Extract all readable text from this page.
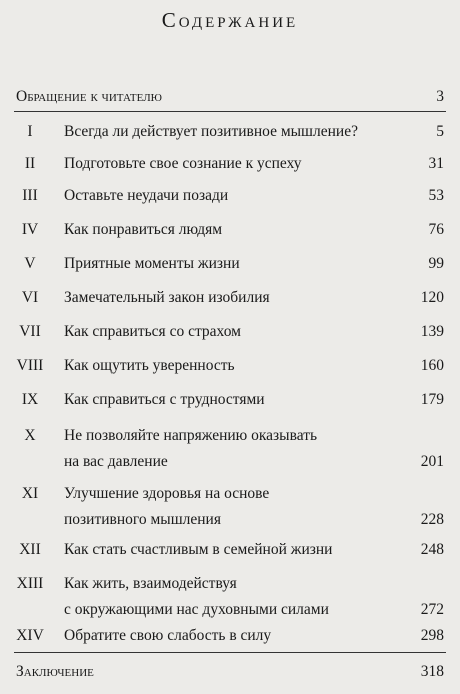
Содержание
Обращение к читателю	3
I	Всегда ли действует позитивное мышление?	5
II	Подготовьте свое сознание к успеху	31
III	Оставьте неудачи позади	53
IV	Как понравиться людям	76
V	Приятные моменты жизни	99
VI	Замечательный закон изобилия	120
VII	Как справиться со страхом	139
VIII	Как ощутить уверенность	160
IX	Как справиться с трудностями	179
X	Не позволяйте напряжению оказывать
на вас давление	201
XI	Улучшение здоровья на основе
позитивного мышления	228
XII	Как стать счастливым в семейной жизни	248
XIII	Как жить, взаимодействуя
с окружающими нас духовными силами	272
XIV	Обратите свою слабость в силу	298
Заключение	318
